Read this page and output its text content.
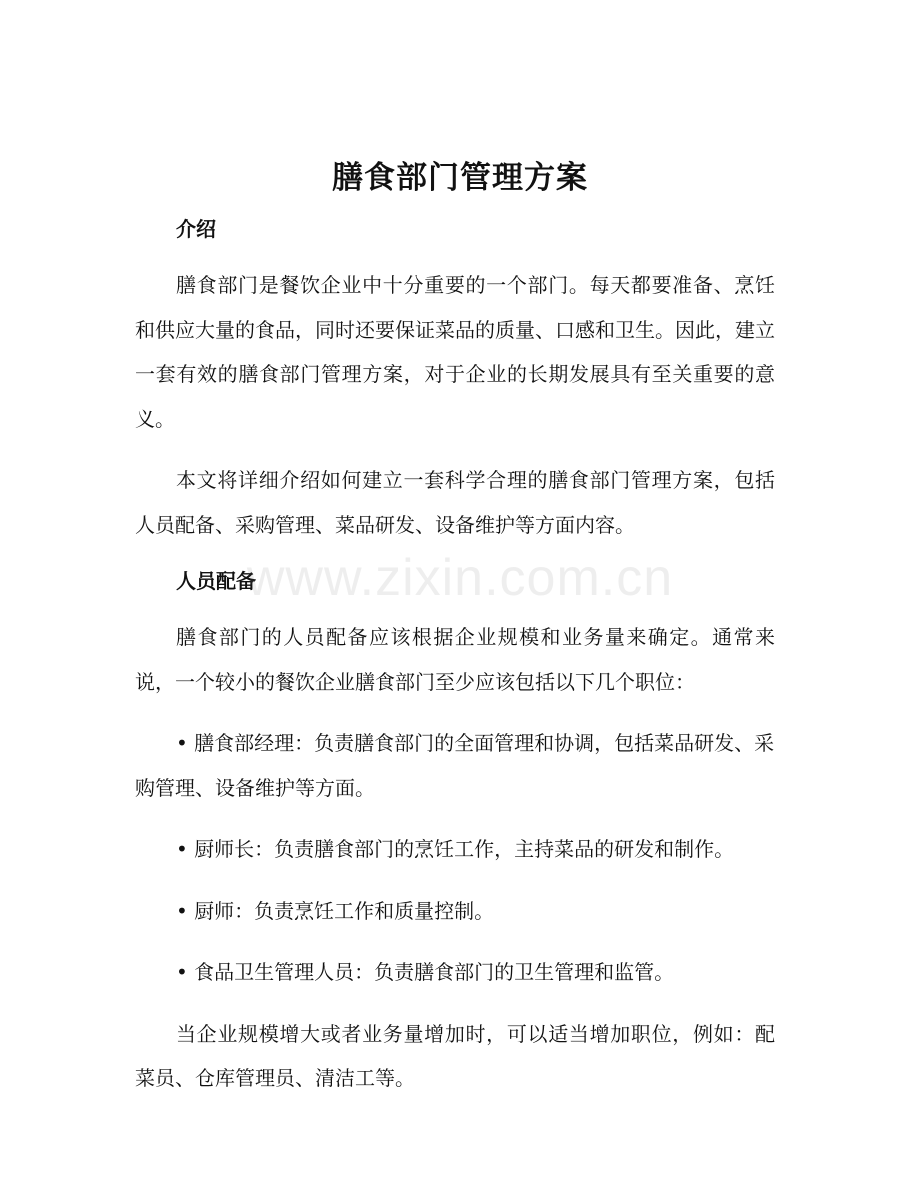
膳食部门管理方案
介绍

膳食部门是餐饮企业中十分重要的一个部门。每天都要准备、烹饪和供应大量的食品，同时还要保证菜品的质量、口感和卫生。因此，建立一套有效的膳食部门管理方案，对于企业的长期发展具有至关重要的意义。

本文将详细介绍如何建立一套科学合理的膳食部门管理方案，包括人员配备、采购管理、菜品研发、设备维护等方面内容。

人员配备

膳食部门的人员配备应该根据企业规模和业务量来确定。通常来说，一个较小的餐饮企业膳食部门至少应该包括以下几个职位：

• 膳食部经理：负责膳食部门的全面管理和协调，包括菜品研发、采购管理、设备维护等方面。

• 厨师长：负责膳食部门的烹饪工作，主持菜品的研发和制作。

• 厨师：负责烹饪工作和质量控制。

• 食品卫生管理人员：负责膳食部门的卫生管理和监管。

当企业规模增大或者业务量增加时，可以适当增加职位，例如：配菜员、仓库管理员、清洁工等。

www.zixin.com.cn
